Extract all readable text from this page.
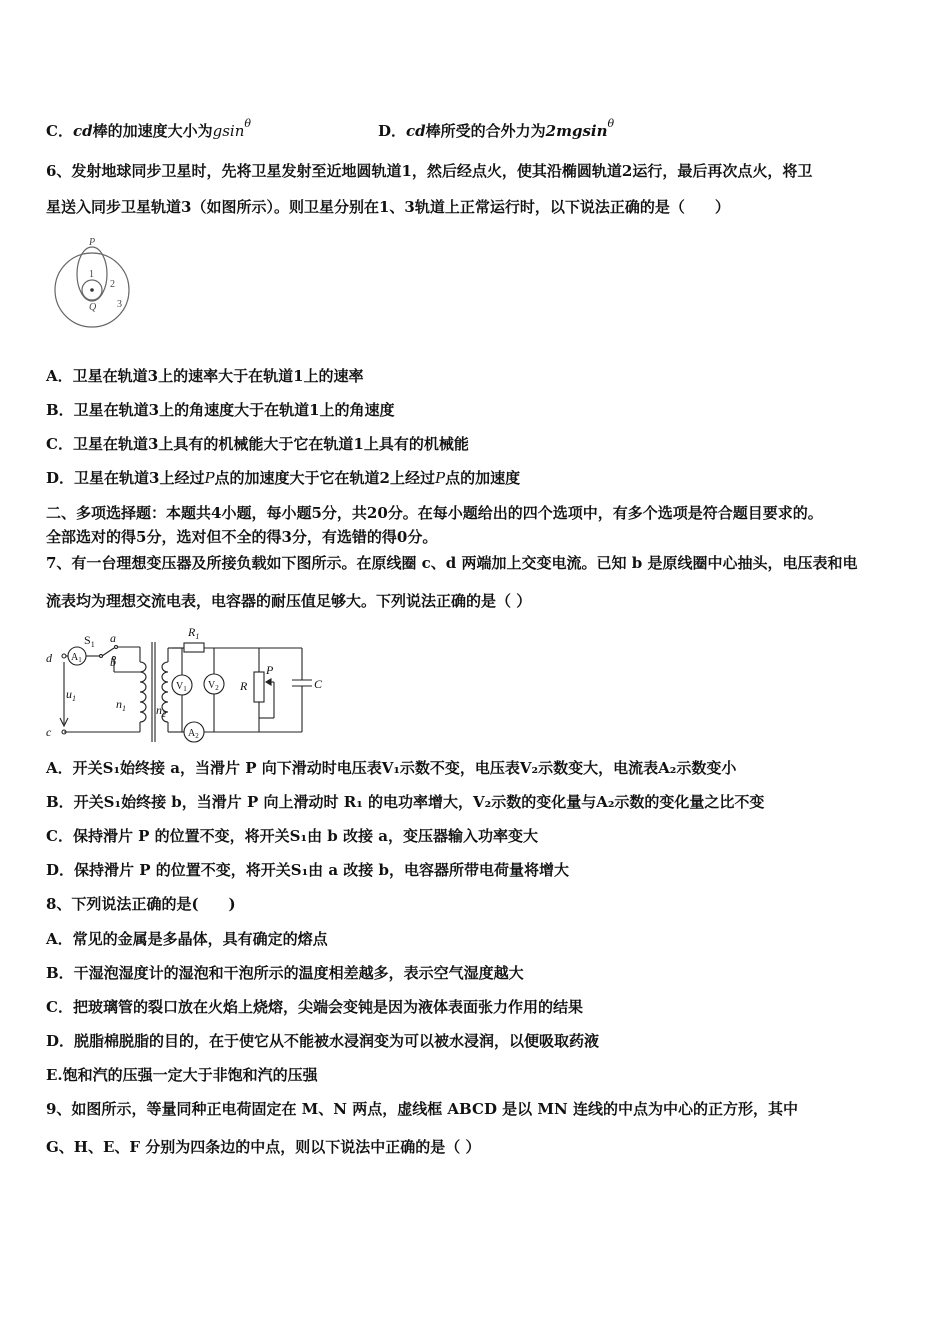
C．cd棒的加速度大小为gsin$^\theta$	D．cd棒所受的合外力为2mgsin$^\theta$
6、发射地球同步卫星时，先将卫星发射至近地圆轨道1，然后经点火，使其沿椭圆轨道2运行，最后再次点火，将卫
星送入同步卫星轨道3（如图所示）。则卫星分别在1、3轨道上正常运行时，以下说法正确的是（　　）
P
Q
1
2
3
A．卫星在轨道3上的速率大于在轨道1上的速率
B．卫星在轨道3上的角速度大于在轨道1上的角速度
C．卫星在轨道3上具有的机械能大于它在轨道1上具有的机械能
D．卫星在轨道3上经过P点的加速度大于它在轨道2上经过P点的加速度
二、多项选择题：本题共4小题，每小题5分，共20分。在每小题给出的四个选项中，有多个选项是符合题目要求的。
全部选对的得5分，选对但不全的得3分，有选错的得0分。
7、有一台理想变压器及所接负载如下图所示。在原线圈 c、d 两端加上交变电流。已知 b 是原线圈中心抽头，电压表和电
流表均为理想交流电表，电容器的耐压值足够大。下列说法正确的是（ ）
d
c
a
b
$S_1$
$A_1$
$u_1$	$n_1$	$n_2$
$R_1$
$V_1$ $V_2$ R
P
C
$A_2$
A．开关S₁始终接 a，当滑片 P 向下滑动时电压表V₁示数不变，电压表V₂示数变大，电流表A₂示数变小
B．开关S₁始终接 b，当滑片 P 向上滑动时 R₁ 的电功率增大，V₂示数的变化量与A₂示数的变化量之比不变
C．保持滑片 P 的位置不变，将开关S₁由 b 改接 a，变压器输入功率变大
D．保持滑片 P 的位置不变，将开关S₁由 a 改接 b，电容器所带电荷量将增大
8、下列说法正确的是(　　)
A．常见的金属是多晶体，具有确定的熔点
B．干湿泡湿度计的湿泡和干泡所示的温度相差越多，表示空气湿度越大
C．把玻璃管的裂口放在火焰上烧熔，尖端会变钝是因为液体表面张力作用的结果
D．脱脂棉脱脂的目的，在于使它从不能被水浸润变为可以被水浸润，以便吸取药液
E.饱和汽的压强一定大于非饱和汽的压强
9、如图所示，等量同种正电荷固定在 M、N 两点，虚线框 ABCD 是以 MN 连线的中点为中心的正方形，其中
G、H、E、F 分别为四条边的中点，则以下说法中正确的是（ ）
